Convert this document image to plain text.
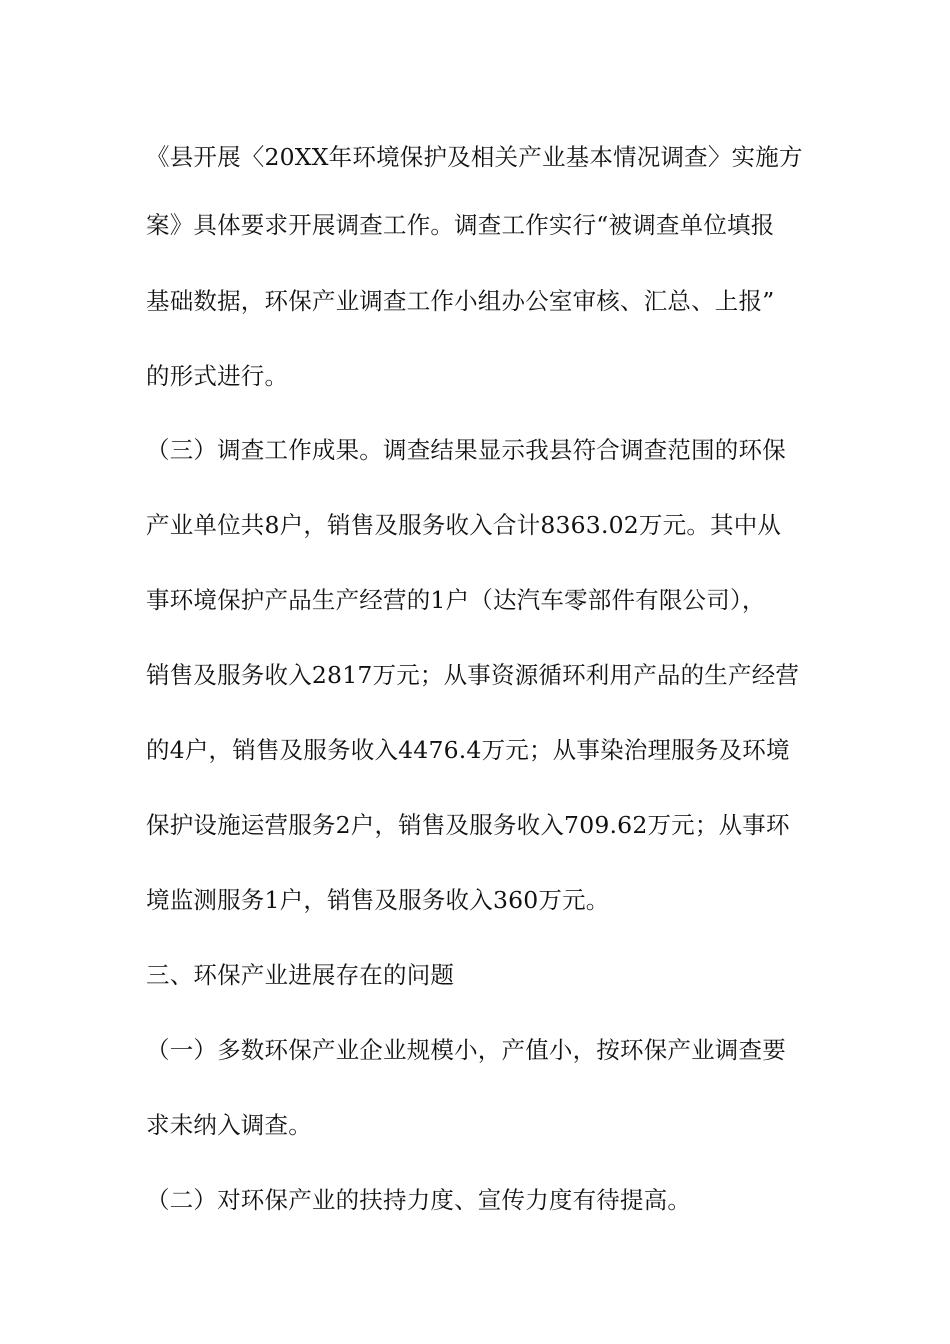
《县开展〈20XX年环境保护及相关产业基本情况调查〉实施方
案》具体要求开展调查工作。调查工作实行“被调查单位填报
基础数据，环保产业调查工作小组办公室审核、汇总、上报”
的形式进行。
（三）调查工作成果。调查结果显示我县符合调查范围的环保
产业单位共8户，销售及服务收入合计8363.02万元。其中从
事环境保护产品生产经营的1户（达汽车零部件有限公司），
销售及服务收入2817万元；从事资源循环利用产品的生产经营
的4户，销售及服务收入4476.4万元；从事染治理服务及环境
保护设施运营服务2户，销售及服务收入709.62万元；从事环
境监测服务1户，销售及服务收入360万元。
三、环保产业进展存在的问题
（一）多数环保产业企业规模小，产值小，按环保产业调查要
求未纳入调查。
（二）对环保产业的扶持力度、宣传力度有待提高。
